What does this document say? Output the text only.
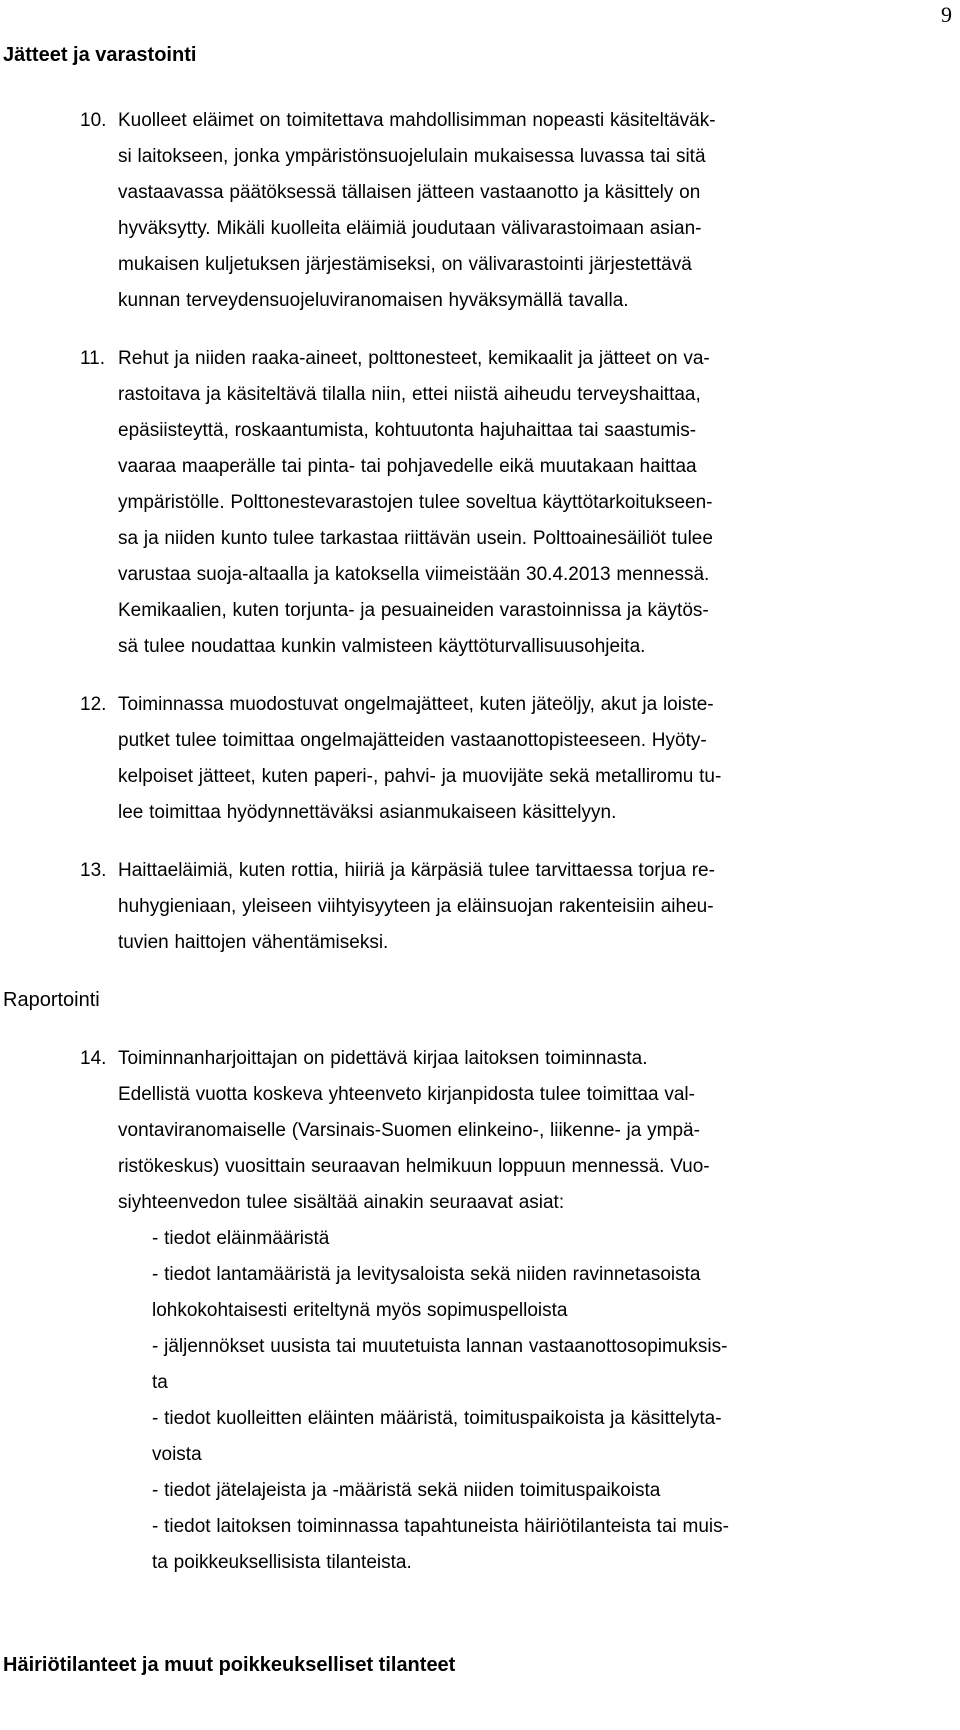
9
Jätteet ja varastointi
10. Kuolleet eläimet on toimitettava mahdollisimman nopeasti käsiteltäväk-
si laitokseen, jonka ympäristönsuojelulain mukaisessa luvassa tai sitä
vastaavassa päätöksessä tällaisen jätteen vastaanotto ja käsittely on
hyväksytty. Mikäli kuolleita eläimiä joudutaan välivarastoimaan asian-
mukaisen kuljetuksen järjestämiseksi, on välivarastointi järjestettävä
kunnan terveydensuojeluviranomaisen hyväksymällä tavalla.
11. Rehut ja niiden raaka-aineet, polttonesteet, kemikaalit ja jätteet on va-
rastoitava ja käsiteltävä tilalla niin, ettei niistä aiheudu terveyshaittaa,
epäsiisteyttä, roskaantumista, kohtuutonta hajuhaittaa tai saastumis-
vaaraa maaperälle tai pinta- tai pohjavedelle eikä muutakaan haittaa
ympäristölle. Polttonestevarastojen tulee soveltua käyttötarkoitukseen-
sa ja niiden kunto tulee tarkastaa riittävän usein. Polttoainesäiliöt tulee
varustaa suoja-altaalla ja katoksella viimeistään 30.4.2013 mennessä.
Kemikaalien, kuten torjunta- ja pesuaineiden varastoinnissa ja käytös-
sä tulee noudattaa kunkin valmisteen käyttöturvallisuusohjeita.
12. Toiminnassa muodostuvat ongelmajätteet, kuten jäteöljy, akut ja loiste-
putket tulee toimittaa ongelmajätteiden vastaanottopisteeseen. Hyöty-
kelpoiset jätteet, kuten paperi-, pahvi- ja muovijäte sekä metalliromu tu-
lee toimittaa hyödynnettäväksi asianmukaiseen käsittelyyn.
13. Haittaeläimiä, kuten rottia, hiiriä ja kärpäsiä tulee tarvittaessa torjua re-
huhygieniaan, yleiseen viihtyisyyteen ja eläinsuojan rakenteisiin aiheu-
tuvien haittojen vähentämiseksi.
Raportointi
14. Toiminnanharjoittajan on pidettävä kirjaa laitoksen toiminnasta.
Edellistä vuotta koskeva yhteenveto kirjanpidosta tulee toimittaa val-
vontaviranomaiselle (Varsinais-Suomen elinkeino-, liikenne- ja ympä-
ristökeskus) vuosittain seuraavan helmikuun loppuun mennessä. Vuo-
siyhteenvedon tulee sisältää ainakin seuraavat asiat:
- tiedot eläinmääristä
- tiedot lantamääristä ja levitysaloista sekä niiden ravinnetasoista
lohkokohtaisesti eriteltynä myös sopimuspelloista
- jäljennökset uusista tai muutetuista lannan vastaanottosopimuksis-
ta
- tiedot kuolleitten eläinten määristä, toimituspaikoista ja käsittelyta-
voista
- tiedot jätelajeista ja -määristä sekä niiden toimituspaikoista
- tiedot laitoksen toiminnassa tapahtuneista häiriötilanteista tai muis-
ta poikkeuksellisista tilanteista.
Häiriötilanteet ja muut poikkeukselliset tilanteet
